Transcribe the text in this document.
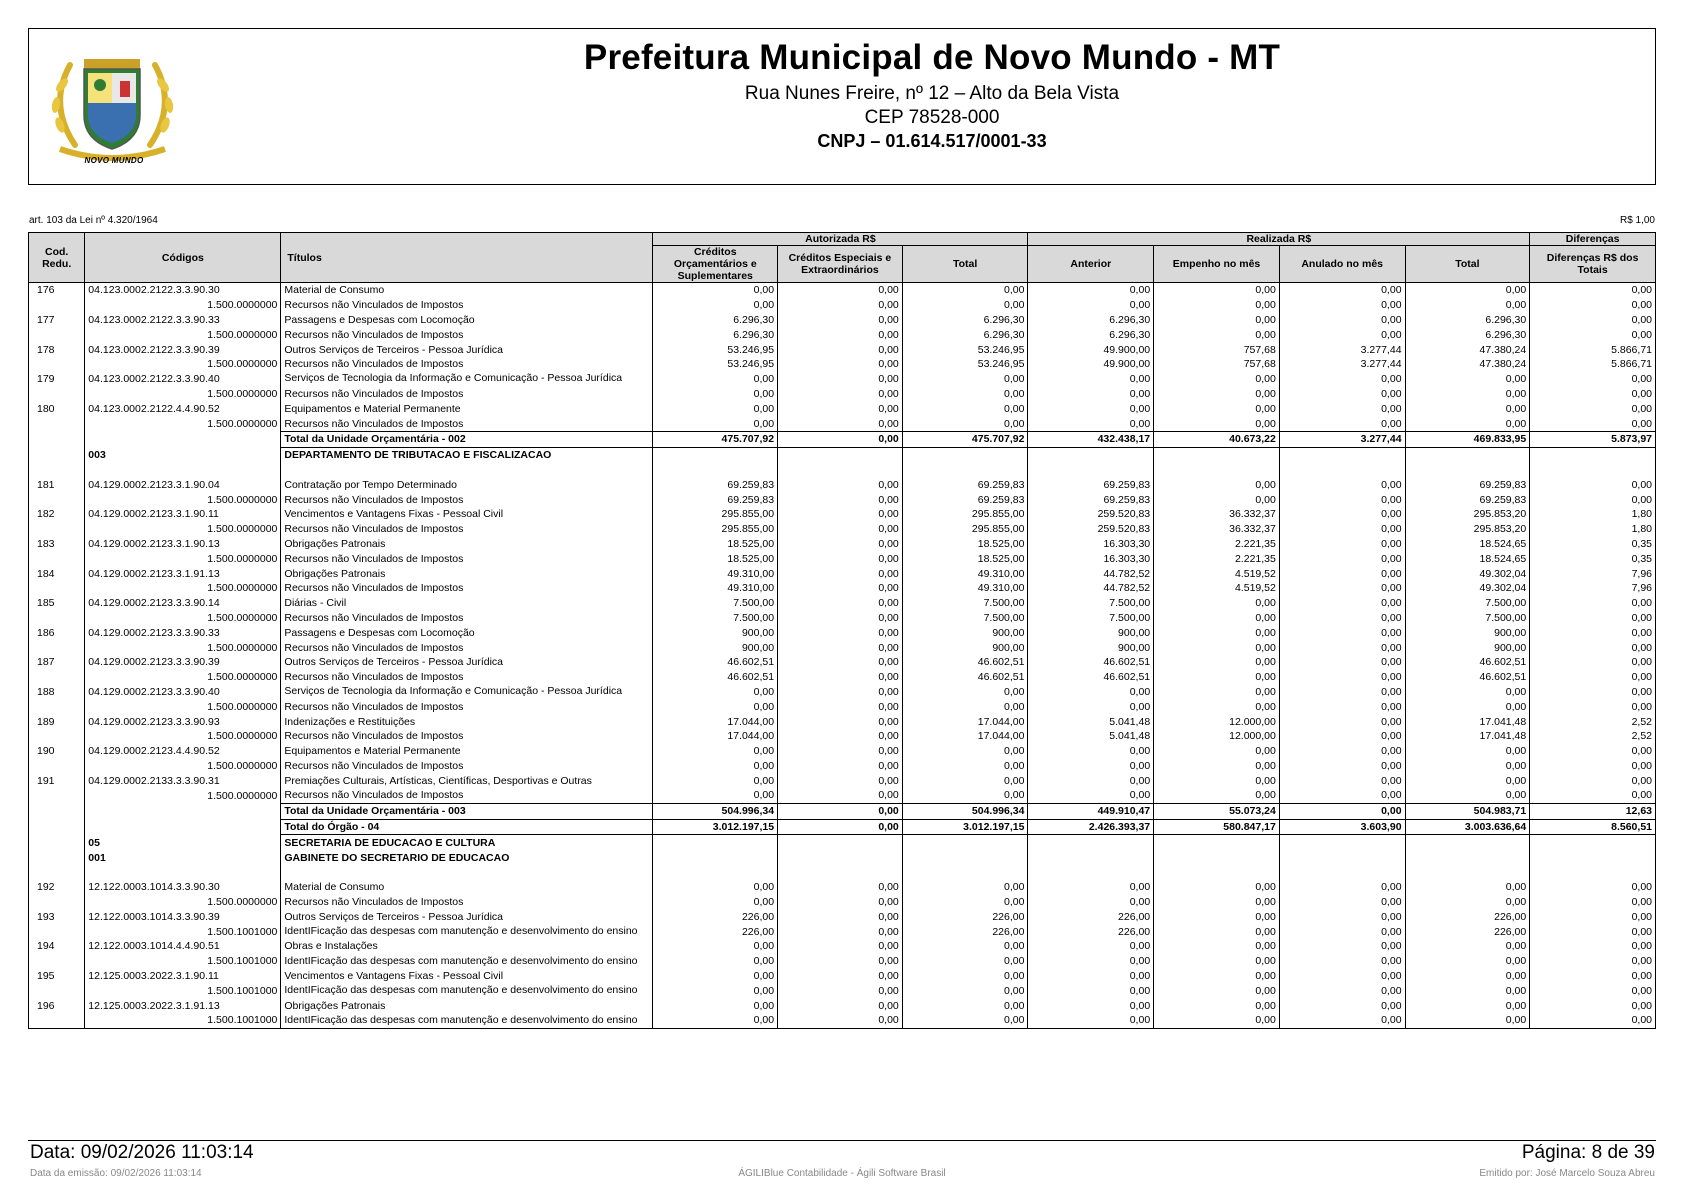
NOVO MUNDO
Prefeitura Municipal de Novo Mundo - MT
Rua Nunes Freire, nº 12 – Alto da Bela Vista
CEP 78528-000
CNPJ – 01.614.517/0001-33
art. 103 da Lei nº 4.320/1964	R$ 1,00
Cod. Redu.	Códigos	Títulos	Autorizada R$			Realizada R$				Diferenças
			Créditos Orçamentários e Suplementares	Créditos Especiais e Extraordinários	Total	Anterior	Empenho no mês	Anulado no mês	Total	Diferenças R$ dos Totais
176	04.123.0002.2122.3.3.90.30	Material de Consumo	0,00	0,00	0,00	0,00	0,00	0,00	0,00	0,00
	1.500.0000000	Recursos não Vinculados de Impostos	0,00	0,00	0,00	0,00	0,00	0,00	0,00	0,00
177	04.123.0002.2122.3.3.90.33	Passagens e Despesas com Locomoção	6.296,30	0,00	6.296,30	6.296,30	0,00	0,00	6.296,30	0,00
	1.500.0000000	Recursos não Vinculados de Impostos	6.296,30	0,00	6.296,30	6.296,30	0,00	0,00	6.296,30	0,00
178	04.123.0002.2122.3.3.90.39	Outros Serviços de Terceiros - Pessoa Jurídica	53.246,95	0,00	53.246,95	49.900,00	757,68	3.277,44	47.380,24	5.866,71
	1.500.0000000	Recursos não Vinculados de Impostos	53.246,95	0,00	53.246,95	49.900,00	757,68	3.277,44	47.380,24	5.866,71
179	04.123.0002.2122.3.3.90.40	Serviços de Tecnologia da Informação e Comunicação - Pessoa Jurídica	0,00	0,00	0,00	0,00	0,00	0,00	0,00	0,00
	1.500.0000000	Recursos não Vinculados de Impostos	0,00	0,00	0,00	0,00	0,00	0,00	0,00	0,00
180	04.123.0002.2122.4.4.90.52	Equipamentos e Material Permanente	0,00	0,00	0,00	0,00	0,00	0,00	0,00	0,00
	1.500.0000000	Recursos não Vinculados de Impostos	0,00	0,00	0,00	0,00	0,00	0,00	0,00	0,00
		Total da Unidade Orçamentária - 002	475.707,92	0,00	475.707,92	432.438,17	40.673,22	3.277,44	469.833,95	5.873,97
	003	DEPARTAMENTO DE TRIBUTACAO E FISCALIZACAO								

181	04.129.0002.2123.3.1.90.04	Contratação por Tempo Determinado	69.259,83	0,00	69.259,83	69.259,83	0,00	0,00	69.259,83	0,00
	1.500.0000000	Recursos não Vinculados de Impostos	69.259,83	0,00	69.259,83	69.259,83	0,00	0,00	69.259,83	0,00
182	04.129.0002.2123.3.1.90.11	Vencimentos e Vantagens Fixas - Pessoal Civil	295.855,00	0,00	295.855,00	259.520,83	36.332,37	0,00	295.853,20	1,80
	1.500.0000000	Recursos não Vinculados de Impostos	295.855,00	0,00	295.855,00	259.520,83	36.332,37	0,00	295.853,20	1,80
183	04.129.0002.2123.3.1.90.13	Obrigações Patronais	18.525,00	0,00	18.525,00	16.303,30	2.221,35	0,00	18.524,65	0,35
	1.500.0000000	Recursos não Vinculados de Impostos	18.525,00	0,00	18.525,00	16.303,30	2.221,35	0,00	18.524,65	0,35
184	04.129.0002.2123.3.1.91.13	Obrigações Patronais	49.310,00	0,00	49.310,00	44.782,52	4.519,52	0,00	49.302,04	7,96
	1.500.0000000	Recursos não Vinculados de Impostos	49.310,00	0,00	49.310,00	44.782,52	4.519,52	0,00	49.302,04	7,96
185	04.129.0002.2123.3.3.90.14	Diárias - Civil	7.500,00	0,00	7.500,00	7.500,00	0,00	0,00	7.500,00	0,00
	1.500.0000000	Recursos não Vinculados de Impostos	7.500,00	0,00	7.500,00	7.500,00	0,00	0,00	7.500,00	0,00
186	04.129.0002.2123.3.3.90.33	Passagens e Despesas com Locomoção	900,00	0,00	900,00	900,00	0,00	0,00	900,00	0,00
	1.500.0000000	Recursos não Vinculados de Impostos	900,00	0,00	900,00	900,00	0,00	0,00	900,00	0,00
187	04.129.0002.2123.3.3.90.39	Outros Serviços de Terceiros - Pessoa Jurídica	46.602,51	0,00	46.602,51	46.602,51	0,00	0,00	46.602,51	0,00
	1.500.0000000	Recursos não Vinculados de Impostos	46.602,51	0,00	46.602,51	46.602,51	0,00	0,00	46.602,51	0,00
188	04.129.0002.2123.3.3.90.40	Serviços de Tecnologia da Informação e Comunicação - Pessoa Jurídica	0,00	0,00	0,00	0,00	0,00	0,00	0,00	0,00
	1.500.0000000	Recursos não Vinculados de Impostos	0,00	0,00	0,00	0,00	0,00	0,00	0,00	0,00
189	04.129.0002.2123.3.3.90.93	Indenizações e Restituições	17.044,00	0,00	17.044,00	5.041,48	12.000,00	0,00	17.041,48	2,52
	1.500.0000000	Recursos não Vinculados de Impostos	17.044,00	0,00	17.044,00	5.041,48	12.000,00	0,00	17.041,48	2,52
190	04.129.0002.2123.4.4.90.52	Equipamentos e Material Permanente	0,00	0,00	0,00	0,00	0,00	0,00	0,00	0,00
	1.500.0000000	Recursos não Vinculados de Impostos	0,00	0,00	0,00	0,00	0,00	0,00	0,00	0,00
191	04.129.0002.2133.3.3.90.31	Premiações Culturais, Artísticas, Científicas, Desportivas e Outras	0,00	0,00	0,00	0,00	0,00	0,00	0,00	0,00
	1.500.0000000	Recursos não Vinculados de Impostos	0,00	0,00	0,00	0,00	0,00	0,00	0,00	0,00
		Total da Unidade Orçamentária - 003	504.996,34	0,00	504.996,34	449.910,47	55.073,24	0,00	504.983,71	12,63
		Total do Órgão - 04	3.012.197,15	0,00	3.012.197,15	2.426.393,37	580.847,17	3.603,90	3.003.636,64	8.560,51
	05	SECRETARIA DE EDUCACAO E CULTURA								
	001	GABINETE DO SECRETARIO DE EDUCACAO								

192	12.122.0003.1014.3.3.90.30	Material de Consumo	0,00	0,00	0,00	0,00	0,00	0,00	0,00	0,00
	1.500.0000000	Recursos não Vinculados de Impostos	0,00	0,00	0,00	0,00	0,00	0,00	0,00	0,00
193	12.122.0003.1014.3.3.90.39	Outros Serviços de Terceiros - Pessoa Jurídica	226,00	0,00	226,00	226,00	0,00	0,00	226,00	0,00
	1.500.1001000	IdentIFicação das despesas com manutenção e desenvolvimento do ensino	226,00	0,00	226,00	226,00	0,00	0,00	226,00	0,00
194	12.122.0003.1014.4.4.90.51	Obras e Instalações	0,00	0,00	0,00	0,00	0,00	0,00	0,00	0,00
	1.500.1001000	IdentIFicação das despesas com manutenção e desenvolvimento do ensino	0,00	0,00	0,00	0,00	0,00	0,00	0,00	0,00
195	12.125.0003.2022.3.1.90.11	Vencimentos e Vantagens Fixas - Pessoal Civil	0,00	0,00	0,00	0,00	0,00	0,00	0,00	0,00
	1.500.1001000	IdentIFicação das despesas com manutenção e desenvolvimento do ensino	0,00	0,00	0,00	0,00	0,00	0,00	0,00	0,00
196	12.125.0003.2022.3.1.91.13	Obrigações Patronais	0,00	0,00	0,00	0,00	0,00	0,00	0,00	0,00
	1.500.1001000	IdentIFicação das despesas com manutenção e desenvolvimento do ensino	0,00	0,00	0,00	0,00	0,00	0,00	0,00	0,00
Data: 09/02/2026 11:03:14	Página: 8 de 39
Data da emissão: 09/02/2026 11:03:14	ÁGILIBlue Contabilidade - Ágili Software Brasil	Emitido por: José Marcelo Souza Abreu
